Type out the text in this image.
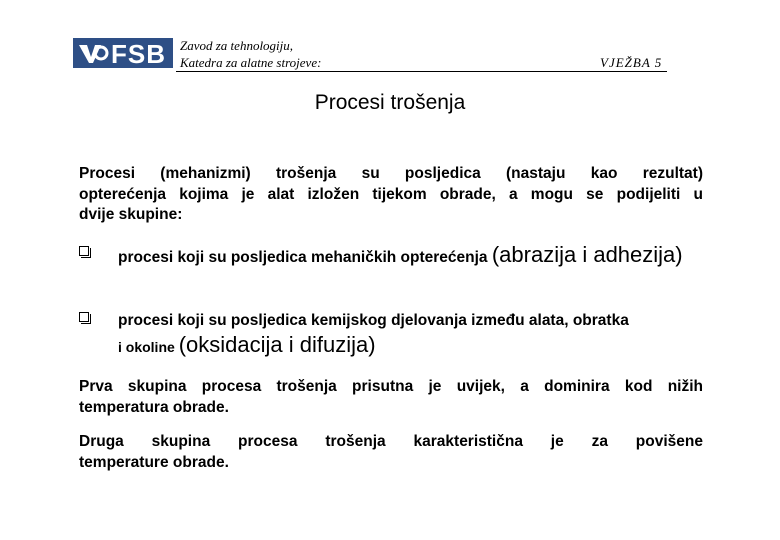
FSB Zavod za tehnologiju,
Katedra za alatne strojeve:	VJEŽBA 5
Procesi trošenja
Procesi (mehanizmi) trošenja su posljedica (nastaju kao rezultat)
opterećenja kojima je alat izložen tijekom obrade, a mogu se podijeliti u
dvije skupine:
procesi koji su posljedica mehaničkih opterećenja (abrazija i adhezija)
procesi koji su posljedica kemijskog djelovanja između alata, obratka
i okoline (oksidacija i difuzija)
Prva skupina procesa trošenja prisutna je uvijek, a dominira kod nižih
temperatura obrade.
Druga skupina procesa trošenja karakteristična je za povišene
temperature obrade.
